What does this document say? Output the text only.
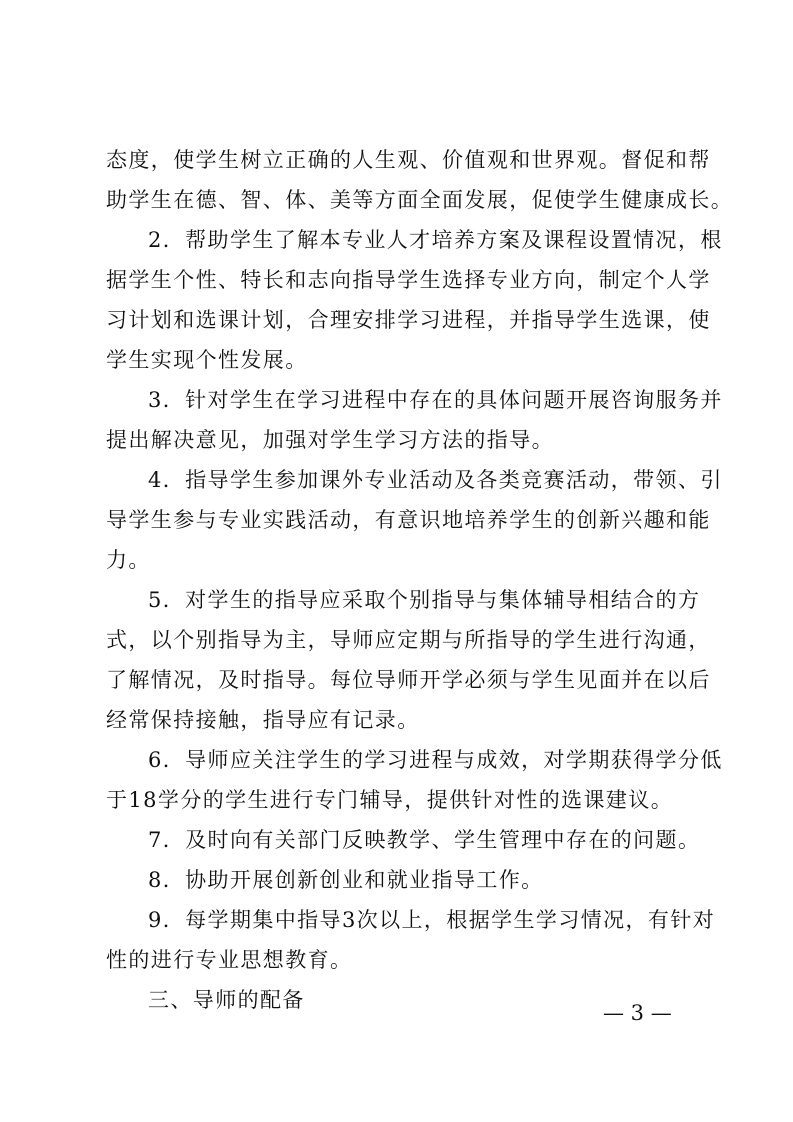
态度，使学生树立正确的人生观、价值观和世界观。督促和帮
助学生在德、智、体、美等方面全面发展，促使学生健康成长。
2．帮助学生了解本专业人才培养方案及课程设置情况，根
据学生个性、特长和志向指导学生选择专业方向，制定个人学
习计划和选课计划，合理安排学习进程，并指导学生选课，使
学生实现个性发展。
3．针对学生在学习进程中存在的具体问题开展咨询服务并
提出解决意见，加强对学生学习方法的指导。
4．指导学生参加课外专业活动及各类竞赛活动，带领、引
导学生参与专业实践活动，有意识地培养学生的创新兴趣和能
力。
5．对学生的指导应采取个别指导与集体辅导相结合的方
式，以个别指导为主，导师应定期与所指导的学生进行沟通，
了解情况，及时指导。每位导师开学必须与学生见面并在以后
经常保持接触，指导应有记录。
6．导师应关注学生的学习进程与成效，对学期获得学分低
于18学分的学生进行专门辅导，提供针对性的选课建议。
7．及时向有关部门反映教学、学生管理中存在的问题。
8．协助开展创新创业和就业指导工作。
9．每学期集中指导3次以上，根据学生学习情况，有针对
性的进行专业思想教育。
三、导师的配备
— 3 —
